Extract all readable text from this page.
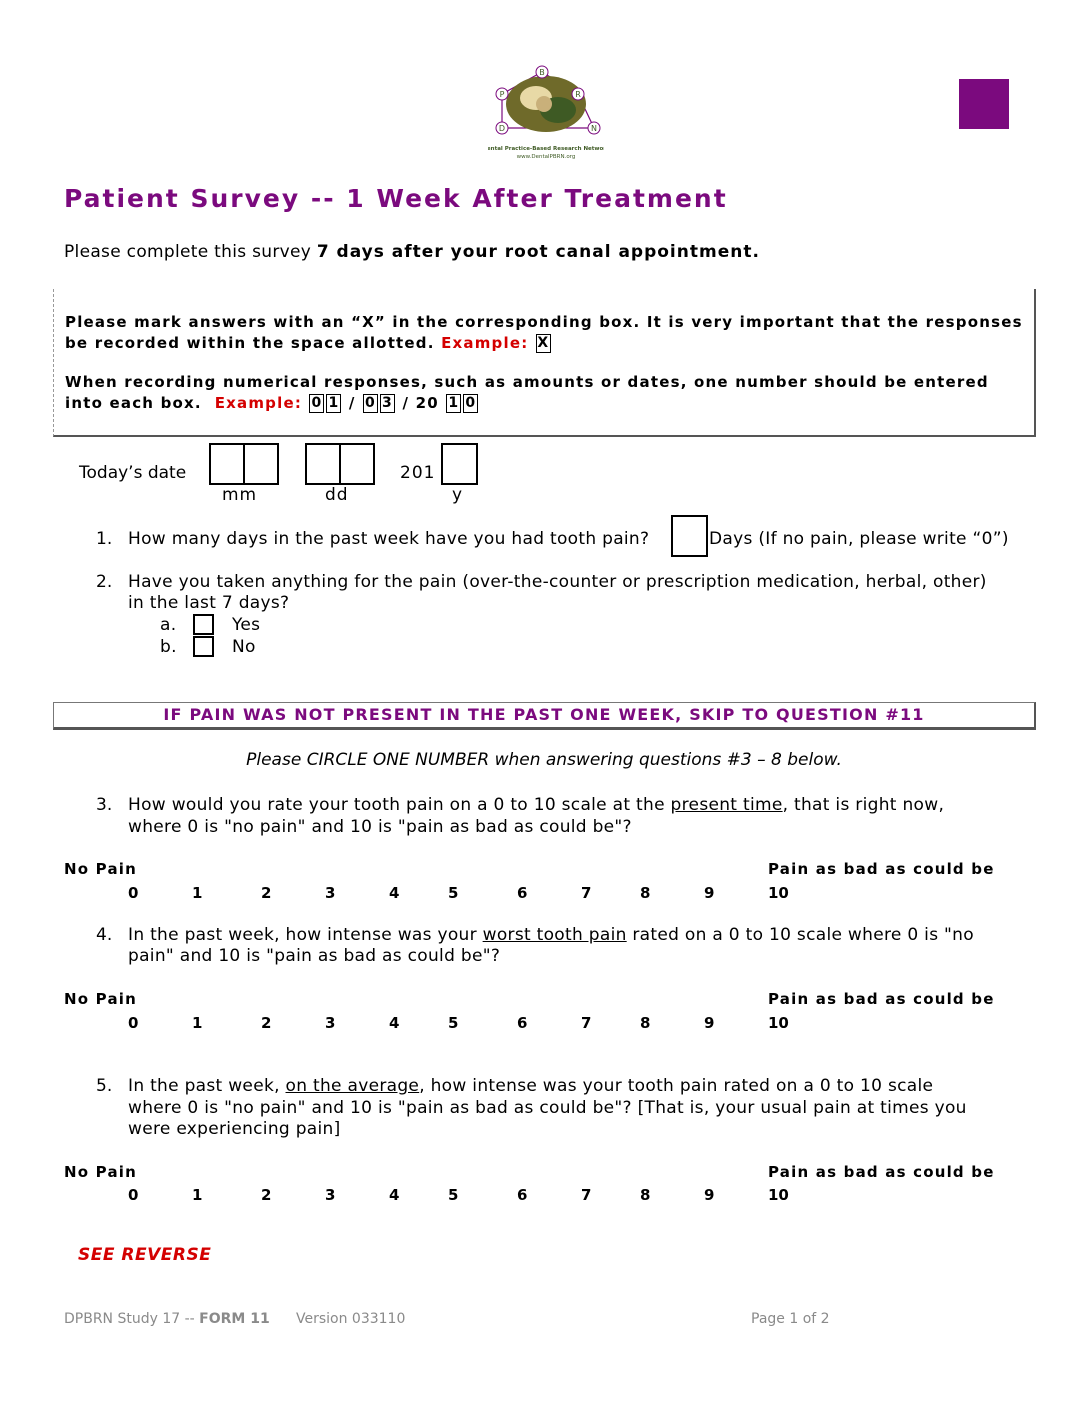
B
P	R
D	N
Dental Practice-Based Research Network
www.DentalPBRN.org
Patient Survey -- 1 Week After Treatment
Please complete this survey 7 days after your root canal appointment.
Please mark answers with an “X” in the corresponding box. It is very important that the responses be recorded within the space allotted. Example: X
When recording numerical responses, such as amounts or dates, one number should be entered into each box. Example: 0 1 / 0 3 / 20 1 0
Today’s date	201
mm	dd	y
1. How many days in the past week have you had tooth pain?	Days (If no pain, please write “0”)
2. Have you taken anything for the pain (over-the-counter or prescription medication, herbal, other)
in the last 7 days?
a.	Yes
b.	No
IF PAIN WAS NOT PRESENT IN THE PAST ONE WEEK, SKIP TO QUESTION #11
Please CIRCLE ONE NUMBER when answering questions #3 – 8 below.
3. How would you rate your tooth pain on a 0 to 10 scale at the present time, that is right now,
where 0 is "no pain" and 10 is "pain as bad as could be"?
No Pain	Pain as bad as could be
0	1	2	3	4	5	6	7	8	9	10
4. In the past week, how intense was your worst tooth pain rated on a 0 to 10 scale where 0 is "no
pain" and 10 is "pain as bad as could be"?
No Pain	Pain as bad as could be
0	1	2	3	4	5	6	7	8	9	10
5. In the past week, on the average, how intense was your tooth pain rated on a 0 to 10 scale
where 0 is "no pain" and 10 is "pain as bad as could be"? [That is, your usual pain at times you
were experiencing pain]
No Pain	Pain as bad as could be
0	1	2	3	4	5	6	7	8	9	10
SEE REVERSE
DPBRN Study 17 -- FORM 11 Version 033110	Page 1 of 2
